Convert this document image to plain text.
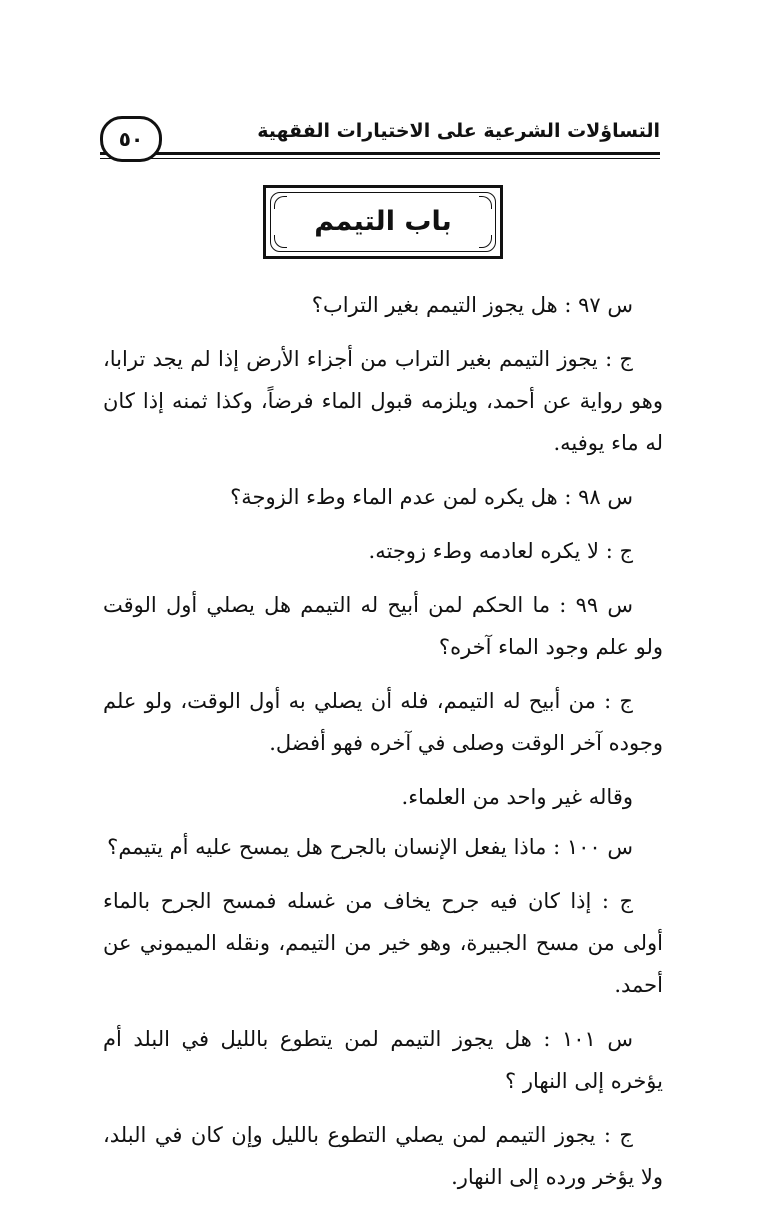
التساؤلات الشرعية على الاختيارات الفقهية
٥٠
باب التيمم

س ٩٧ : هل يجوز التيمم بغير التراب؟

ج : يجوز التيمم بغير التراب من أجزاء الأرض إذا لم يجد ترابا، وهو رواية عن أحمد، ويلزمه قبول الماء فرضاً، وكذا ثمنه إذا كان له ماء يوفيه.

س ٩٨ : هل يكره لمن عدم الماء وطء الزوجة؟

ج : لا يكره لعادمه وطء زوجته.

س ٩٩ : ما الحكم لمن أبيح له التيمم هل يصلي أول الوقت ولو علم وجود الماء آخره؟

ج : من أبيح له التيمم، فله أن يصلي به أول الوقت، ولو علم وجوده آخر الوقت وصلى في آخره فهو أفضل.

وقاله غير واحد من العلماء.

س ١٠٠ : ماذا يفعل الإنسان بالجرح هل يمسح عليه أم يتيمم؟

ج : إذا كان فيه جرح يخاف من غسله فمسح الجرح بالماء أولى من مسح الجبيرة، وهو خير من التيمم، ونقله الميموني عن أحمد.

س ١٠١ : هل يجوز التيمم لمن يتطوع بالليل في البلد أم يؤخره إلى النهار ؟

ج : يجوز التيمم لمن يصلي التطوع بالليل وإن كان في البلد، ولا يؤخر ورده إلى النهار.
